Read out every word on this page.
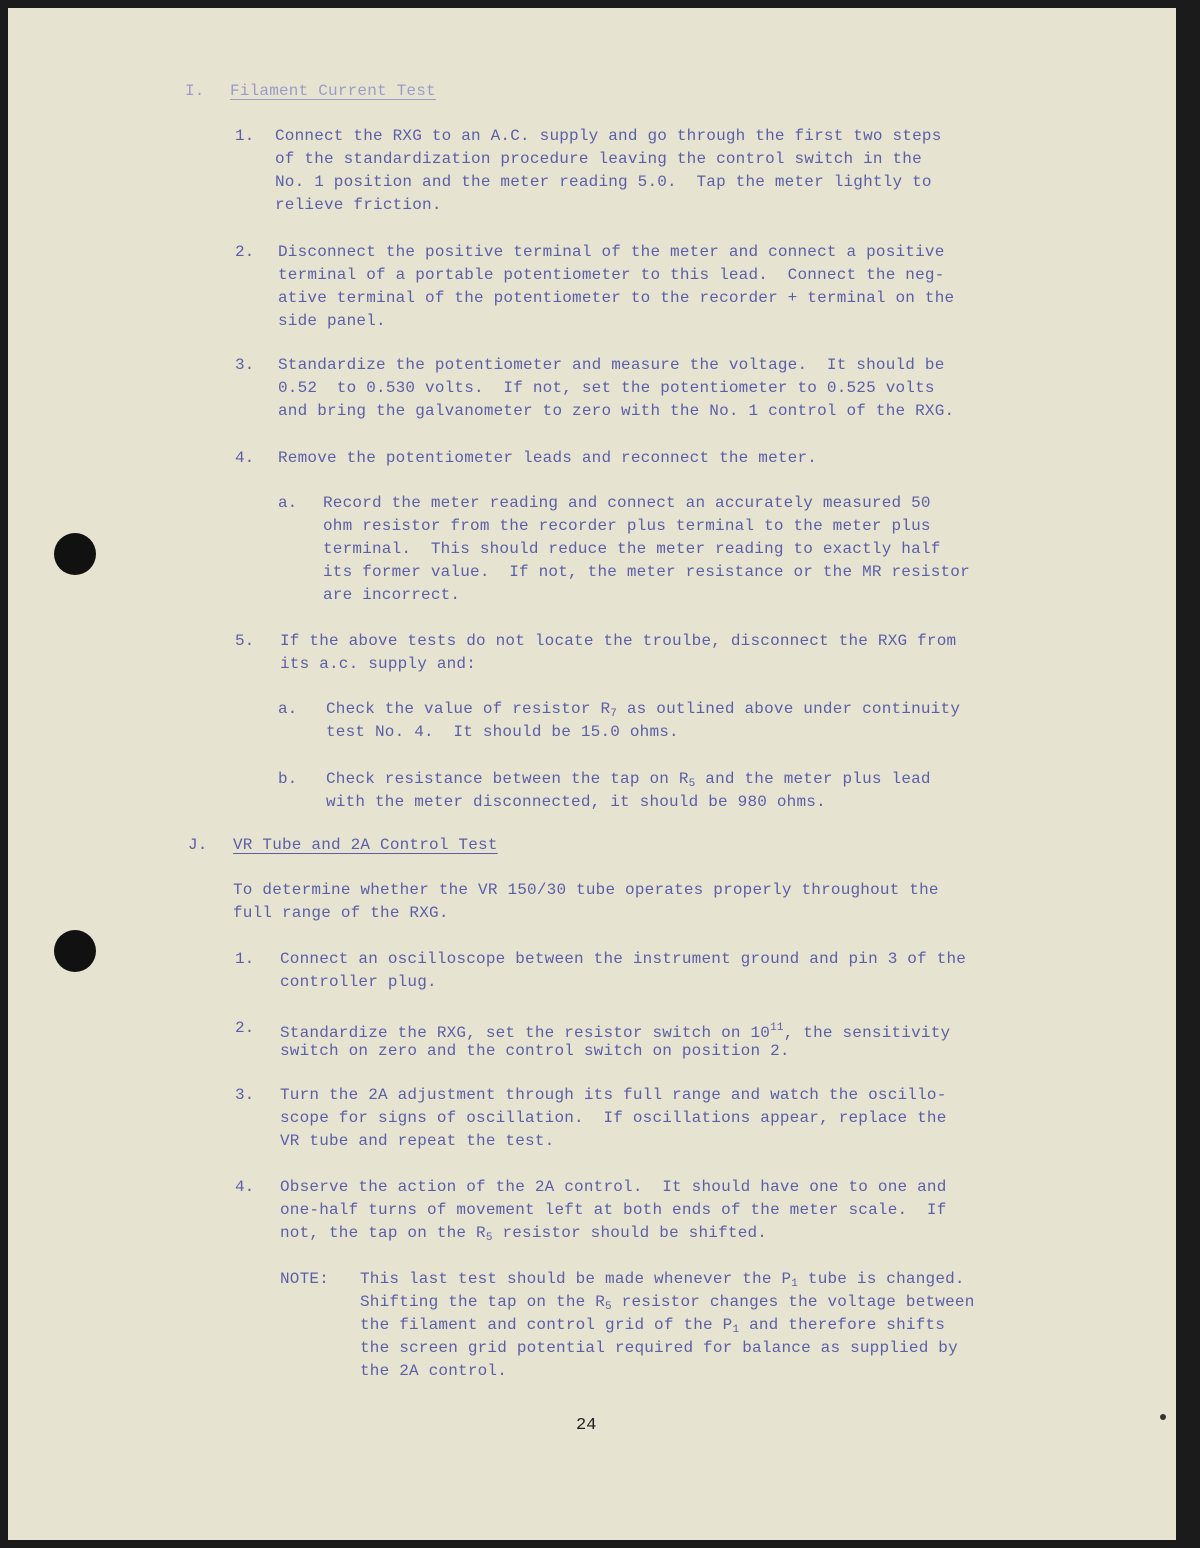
I. Filament Current Test
1. Connect the RXG to an A.C. supply and go through the first two steps
of the standardization procedure leaving the control switch in the
No. 1 position and the meter reading 5.0.  Tap the meter lightly to
relieve friction.
2. Disconnect the positive terminal of the meter and connect a positive
terminal of a portable potentiometer to this lead.  Connect the neg-
ative terminal of the potentiometer to the recorder + terminal on the
side panel.
3. Standardize the potentiometer and measure the voltage.  It should be
0.52  to 0.530 volts.  If not, set the potentiometer to 0.525 volts
and bring the galvanometer to zero with the No. 1 control of the RXG.
4. Remove the potentiometer leads and reconnect the meter.
a. Record the meter reading and connect an accurately measured 50
ohm resistor from the recorder plus terminal to the meter plus
terminal.  This should reduce the meter reading to exactly half
its former value.  If not, the meter resistance or the MR resistor
are incorrect.
5. If the above tests do not locate the troulbe, disconnect the RXG from
its a.c. supply and:
a. Check the value of resistor $R_7$ as outlined above under continuity
test No. 4.  It should be 15.0 ohms.
b. Check resistance between the tap on $R_5$ and the meter plus lead
with the meter disconnected, it should be 980 ohms.
J. VR Tube and 2A Control Test
To determine whether the VR 150/30 tube operates properly throughout the
full range of the RXG.
1. Connect an oscilloscope between the instrument ground and pin 3 of the
controller plug.
2. Standardize the RXG, set the resistor switch on $10^{11}$, the sensitivity
switch on zero and the control switch on position 2.
3. Turn the 2A adjustment through its full range and watch the oscillo-
scope for signs of oscillation.  If oscillations appear, replace the
VR tube and repeat the test.
4. Observe the action of the 2A control.  It should have one to one and
one-half turns of movement left at both ends of the meter scale.  If
not, the tap on the $R_5$ resistor should be shifted.
NOTE: This last test should be made whenever the $P_1$ tube is changed.
Shifting the tap on the $R_5$ resistor changes the voltage between
the filament and control grid of the $P_1$ and therefore shifts
the screen grid potential required for balance as supplied by
the 2A control.
24
